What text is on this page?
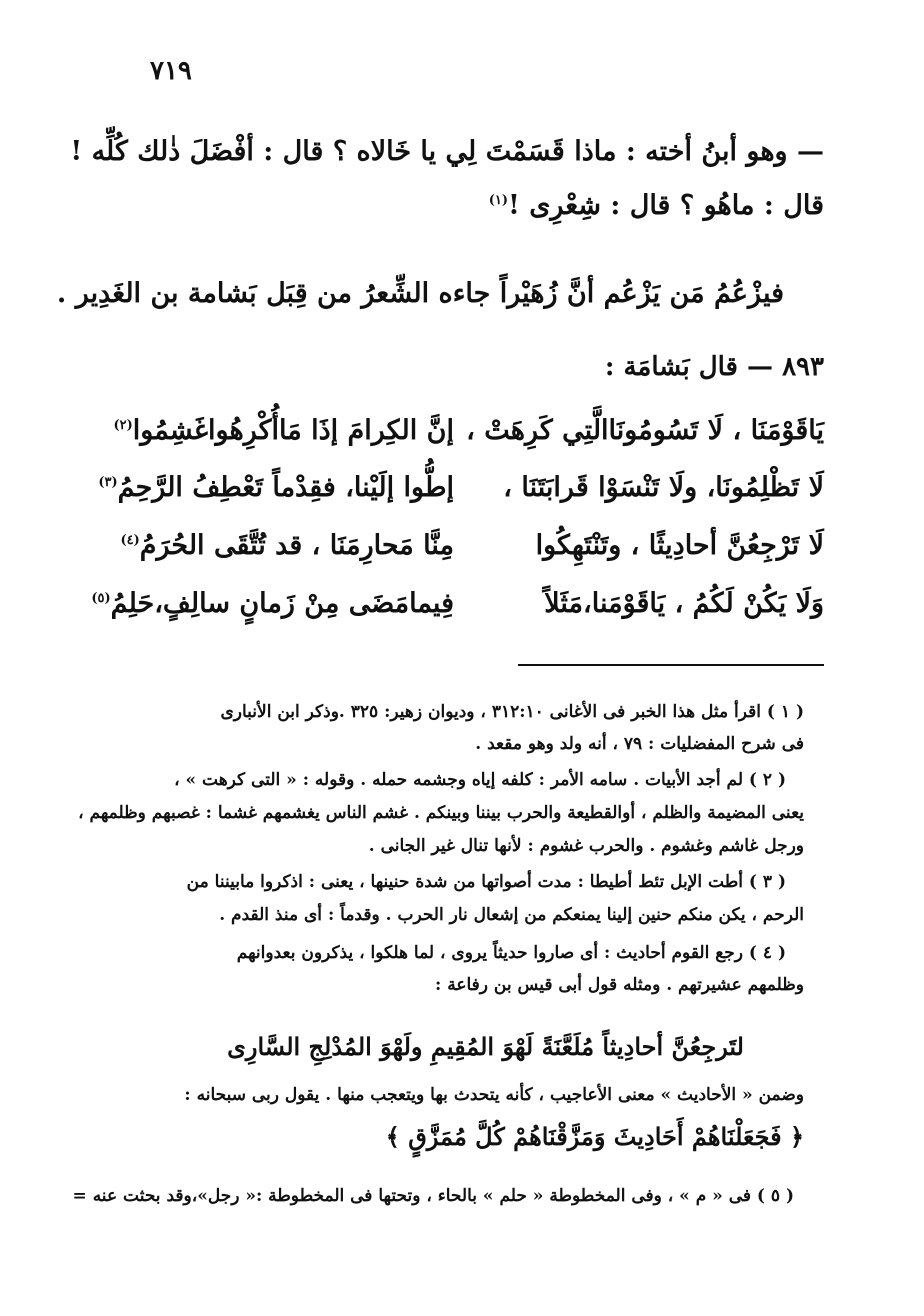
٧١٩
— وهو أبنُ أخته : ماذا قَسَمْتَ لِي يا خَالاه ؟ قال : أفْضَلَ ذٰلك كُلِّه !
قال : ماهُو ؟ قال : شِعْرِى !$^{(١)}$
فيزْعُمُ مَن يَزْعُم أنَّ زُهَيْراً جاءه الشِّعرُ من قِبَل بَشامة بن الغَدِير .
٨٩٣ — قال بَشامَة :
يَاقَوْمَنَا ، لَا تَسُومُونَاالَّتِي كَرِهَتْ ،
إنَّ الكِرامَ إذَا مَاأُكْرِهُواغَشِمُوا$^{(٢)}$
لَا تَظْلِمُونَا، ولَا تَنْسَوْا قَرابَتَنَا ،
إطُّوا إلَيْنا، فقِدْماً تَعْطِفُ الرَّحِمُ$^{(٣)}$
لَا تَرْجِعُنَّ أحادِيثًا ، وتَنْتَهِكُوا
مِنَّا مَحارِمَنَا ، قد تُتَّقَى الحُرَمُ$^{(٤)}$
وَلَا يَكُنْ لَكُمُ ، يَاقَوْمَنا،مَثَلاً
فِيمامَضَى مِنْ زَمانٍ سالِفٍ،حَلِمُ$^{(٥)}$
( ١ ) اقرأ مثل هذا الخبر فى الأغانى ٣١٢:١٠ ، وديوان زهير: ٣٢٥ .وذكر ابن الأنبارى
فى شرح المفضليات : ٧٩ ، أنه ولد وهو مقعد .
( ٢ ) لم أجد الأبيات . سامه الأمر : كلفه إياه وجشمه حمله . وقوله : « التى كرهت » ،
يعنى المضيمة والظلم ، أوالقطيعة والحرب بيننا وبينكم . غشم الناس يغشمهم غشما : غصبهم وظلمهم ،
ورجل غاشم وغشوم . والحرب غشوم : لأنها تنال غير الجانى .
( ٣ ) أطت الإبل تئط أطيطا : مدت أصواتها من شدة حنينها ، يعنى : اذكروا مابيننا من
الرحم ، يكن منكم حنين إلينا يمنعكم من إشعال نار الحرب . وقدماً : أى منذ القدم .
( ٤ ) رجع القوم أحاديث : أى صاروا حديثاً يروى ، لما هلكوا ، يذكرون بعدوانهم
وظلمهم عشيرتهم . ومثله قول أبى قيس بن رفاعة :
لتَرجِعُنَّ أحادِيثاً مُلَعَّنَةً لَهْوَ المُقِيمِ ولَهْوَ المُدْلِجِ السَّارِى
وضمن « الأحاديث » معنى الأعاجيب ، كأنه يتحدث بها ويتعجب منها . يقول ربى سبحانه :
﴿ فَجَعَلْنَاهُمْ أَحَادِيثَ وَمَزَّقْنَاهُمْ كُلَّ مُمَزَّقٍ ﴾
( ٥ ) فى « م » ، وفى المخطوطة « حلم » بالحاء ، وتحتها فى المخطوطة :« رجل»،وقد بحثت عنه =
